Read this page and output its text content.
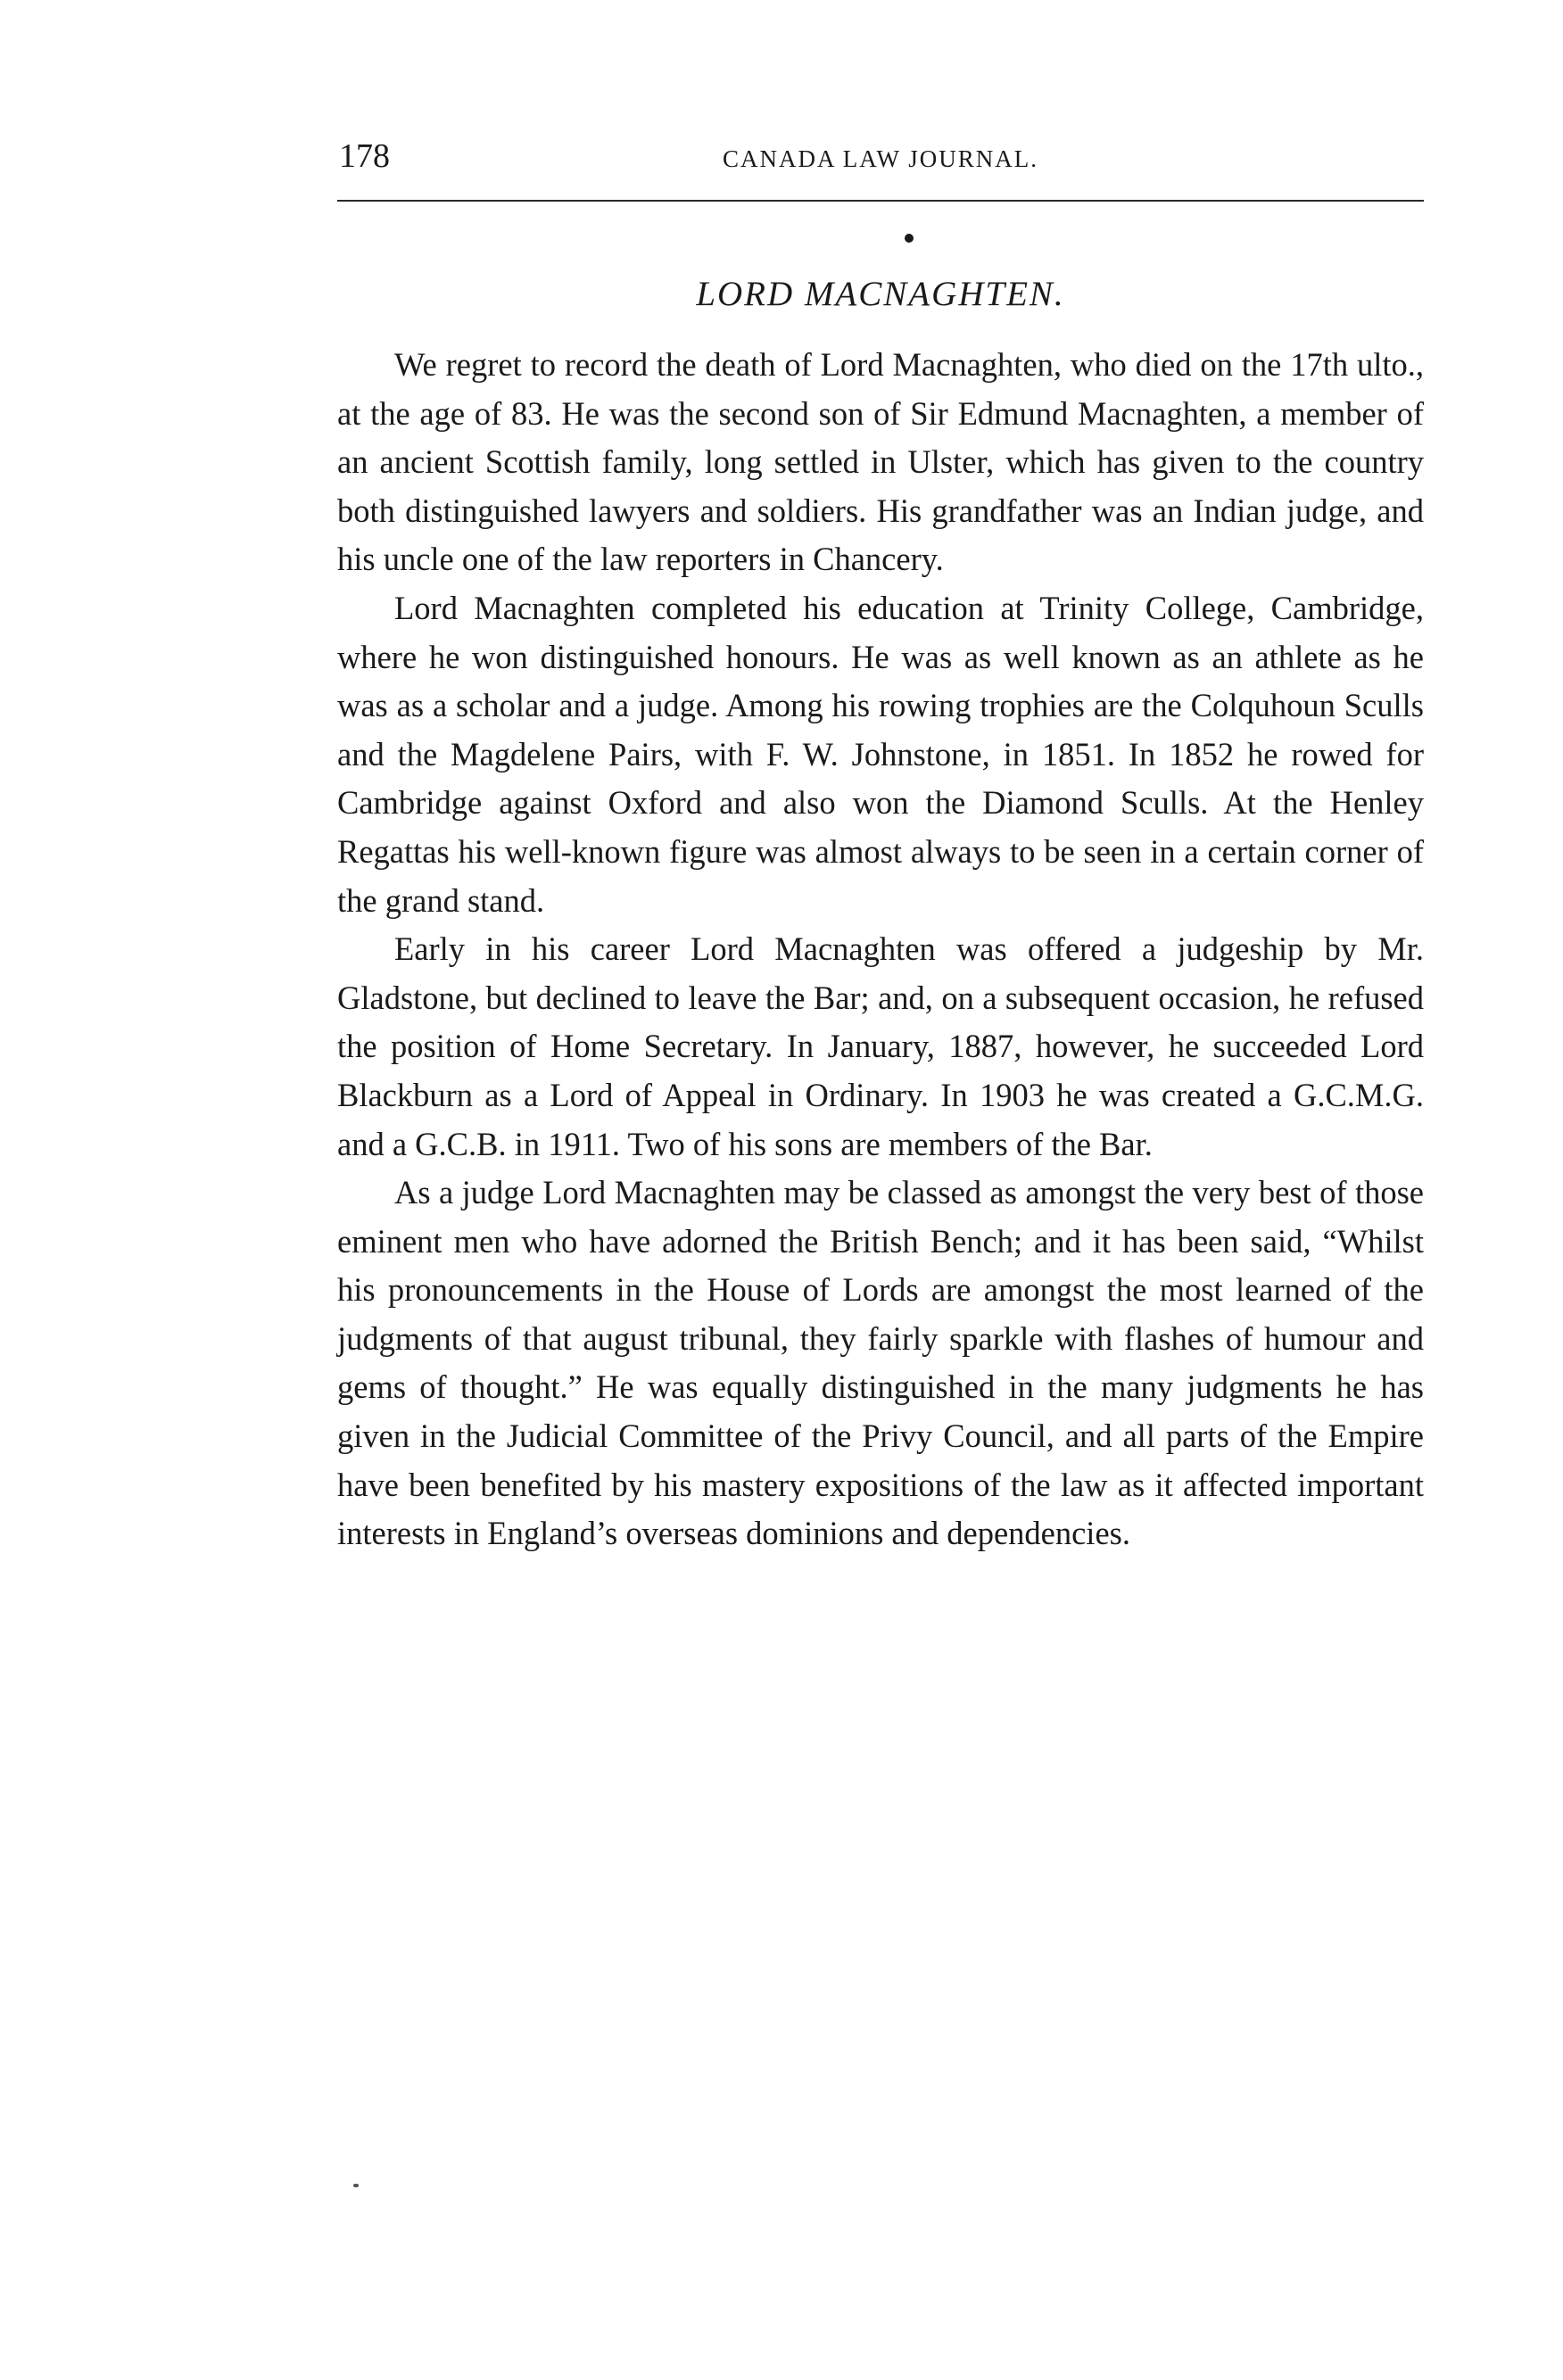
178	CANADA LAW JOURNAL.
LORD MACNAGHTEN.

We regret to record the death of Lord Macnaghten, who died on the 17th ulto., at the age of 83. He was the second son of Sir Edmund Macnaghten, a member of an ancient Scottish family, long settled in Ulster, which has given to the country both distinguished lawyers and soldiers. His grandfather was an Indian judge, and his uncle one of the law reporters in Chancery.

Lord Macnaghten completed his education at Trinity College, Cambridge, where he won distinguished honours. He was as well known as an athlete as he was as a scholar and a judge. Among his rowing trophies are the Colquhoun Sculls and the Magdelene Pairs, with F. W. Johnstone, in 1851. In 1852 he rowed for Cambridge against Oxford and also won the Diamond Sculls. At the Henley Regattas his well-known figure was almost always to be seen in a certain corner of the grand stand.

Early in his career Lord Macnaghten was offered a judgeship by Mr. Gladstone, but declined to leave the Bar; and, on a subsequent occasion, he refused the position of Home Secretary. In January, 1887, however, he succeeded Lord Blackburn as a Lord of Appeal in Ordinary. In 1903 he was created a G.C.M.G. and a G.C.B. in 1911. Two of his sons are members of the Bar.

As a judge Lord Macnaghten may be classed as amongst the very best of those eminent men who have adorned the British Bench; and it has been said, “Whilst his pronouncements in the House of Lords are amongst the most learned of the judgments of that august tribunal, they fairly sparkle with flashes of humour and gems of thought.” He was equally distinguished in the many judgments he has given in the Judicial Committee of the Privy Council, and all parts of the Empire have been benefited by his mastery expositions of the law as it affected important interests in England’s overseas dominions and dependencies.
